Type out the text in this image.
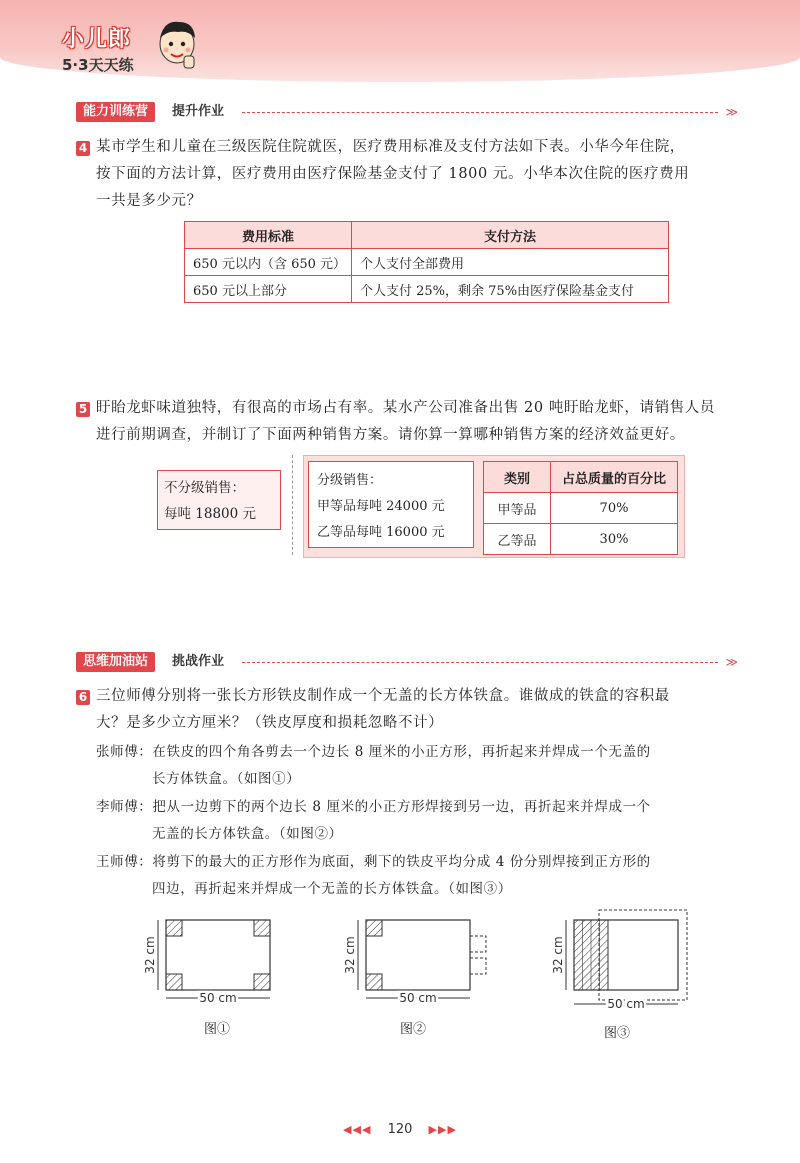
小儿郎
5·3天天练
能力训练营	提升作业	≫
4 某市学生和儿童在三级医院住院就医，医疗费用标准及支付方法如下表。小华今年住院，
按下面的方法计算，医疗费用由医疗保险基金支付了 1800 元。小华本次住院的医疗费用
一共是多少元？
费用标准	支付方法
650 元以内（含 650 元）	个人支付全部费用
650 元以上部分	个人支付 25%，剩余 75%由医疗保险基金支付
5 盱眙龙虾味道独特，有很高的市场占有率。某水产公司准备出售 20 吨盱眙龙虾，请销售人员
进行前期调查，并制订了下面两种销售方案。请你算一算哪种销售方案的经济效益更好。
不分级销售：
每吨 18800 元
分级销售：
甲等品每吨 24000 元
乙等品每吨 16000 元
类别	占总质量的百分比
甲等品	70%
乙等品	30%
思维加油站	挑战作业	≫
6 三位师傅分别将一张长方形铁皮制作成一个无盖的长方体铁盒。谁做成的铁盒的容积最
大？是多少立方厘米？（铁皮厚度和损耗忽略不计）
张师傅：在铁皮的四个角各剪去一个边长 8 厘米的小正方形，再折起来并焊成一个无盖的
长方体铁盒。（如图①）
李师傅：把从一边剪下的两个边长 8 厘米的小正方形焊接到另一边，再折起来并焊成一个
无盖的长方体铁盒。（如图②）
王师傅：将剪下的最大的正方形作为底面，剩下的铁皮平均分成 4 份分别焊接到正方形的
四边，再折起来并焊成一个无盖的长方体铁盒。（如图③）
32 cm
50 cm
图①
32 cm
50 cm
图②
32 cm
50 cm
图③
◀◀◀ 120 ▶▶▶
